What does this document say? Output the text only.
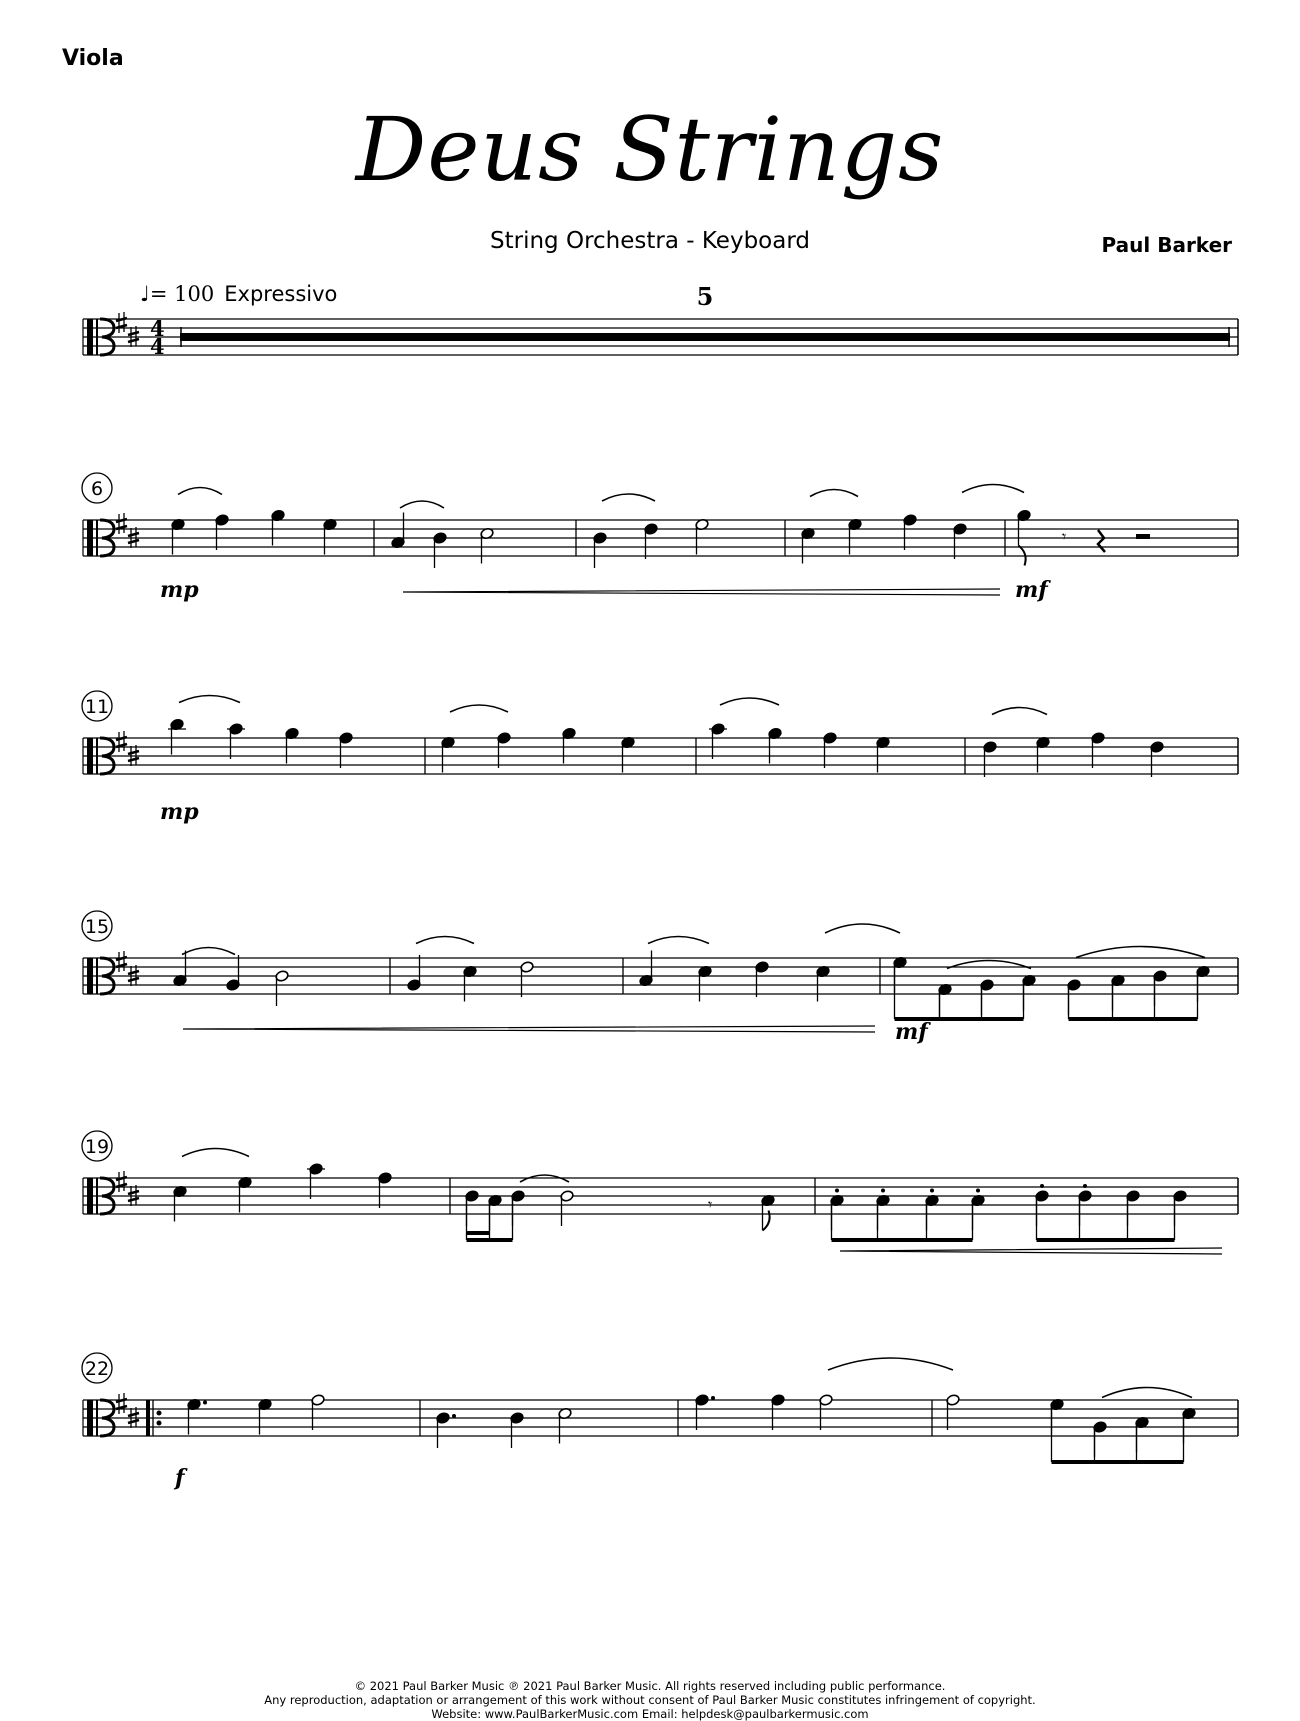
Viola
Deus Strings
String Orchestra - Keyboard	Paul Barker
♩= 100 Expressivo
4
4
5
6
𝄾
mp	mf
11
mp
15
mf
19
𝄾
22
f
© 2021 Paul Barker Music ℗ 2021 Paul Barker Music. All rights reserved including public performance.
Any reproduction, adaptation or arrangement of this work without consent of Paul Barker Music constitutes infringement of copyright.
Website: www.PaulBarkerMusic.com Email: helpdesk@paulbarkermusic.com
